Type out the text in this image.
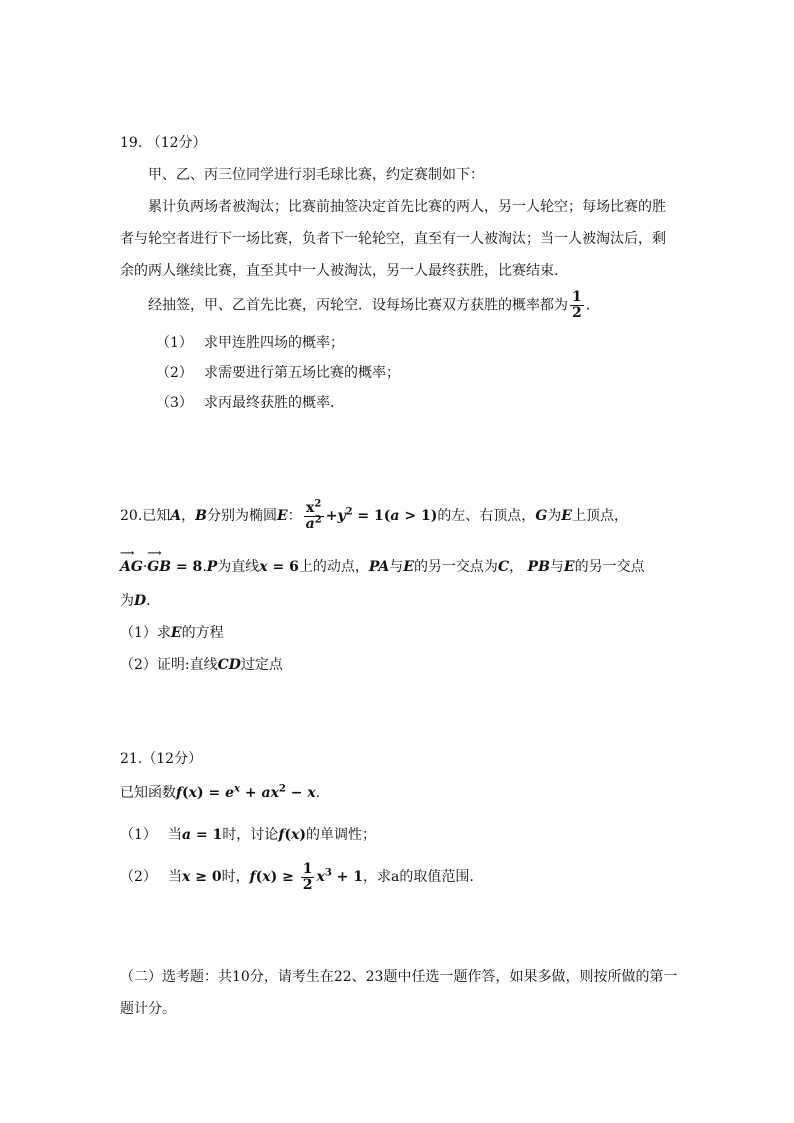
19. （12分）
甲、乙、丙三位同学进行羽毛球比赛，约定赛制如下：
累计负两场者被淘汰；比赛前抽签决定首先比赛的两人，另一人轮空；每场比赛的胜
者与轮空者进行下一场比赛，负者下一轮轮空，直至有一人被淘汰；当一人被淘汰后，剩
余的两人继续比赛，直至其中一人被淘汰，另一人最终获胜，比赛结束.
经抽签，甲、乙首先比赛，丙轮空．设每场比赛双方获胜的概率都为 $\frac{1}{2}$ .
（1） 求甲连胜四场的概率；
（2） 求需要进行第五场比赛的概率；
（3） 求丙最终获胜的概率.
20.已知A，B分别为椭圆E： $\frac{x^2}{a^2} +y^2 = 1(a > 1)$的左、右顶点，G为E上顶点，
⟶ AG·⟶ GB = 8.P为直线x = 6上的动点，PA与E的另一交点为C， PB与E的另一交点
为D.
（1）求E的方程
（2）证明:直线CD过定点
21.（12分）
已知函数$f(x) = e^x + ax^2 - x$.
（1） 当a = 1时，讨论f(x)的单调性；
（2） 当x ≥ 0时，$f(x) \ge \frac{1}{2} x^3 + 1$，求a的取值范围.
（二）选考题：共10分，请考生在22、23题中任选一题作答，如果多做，则按所做的第一
题计分。
